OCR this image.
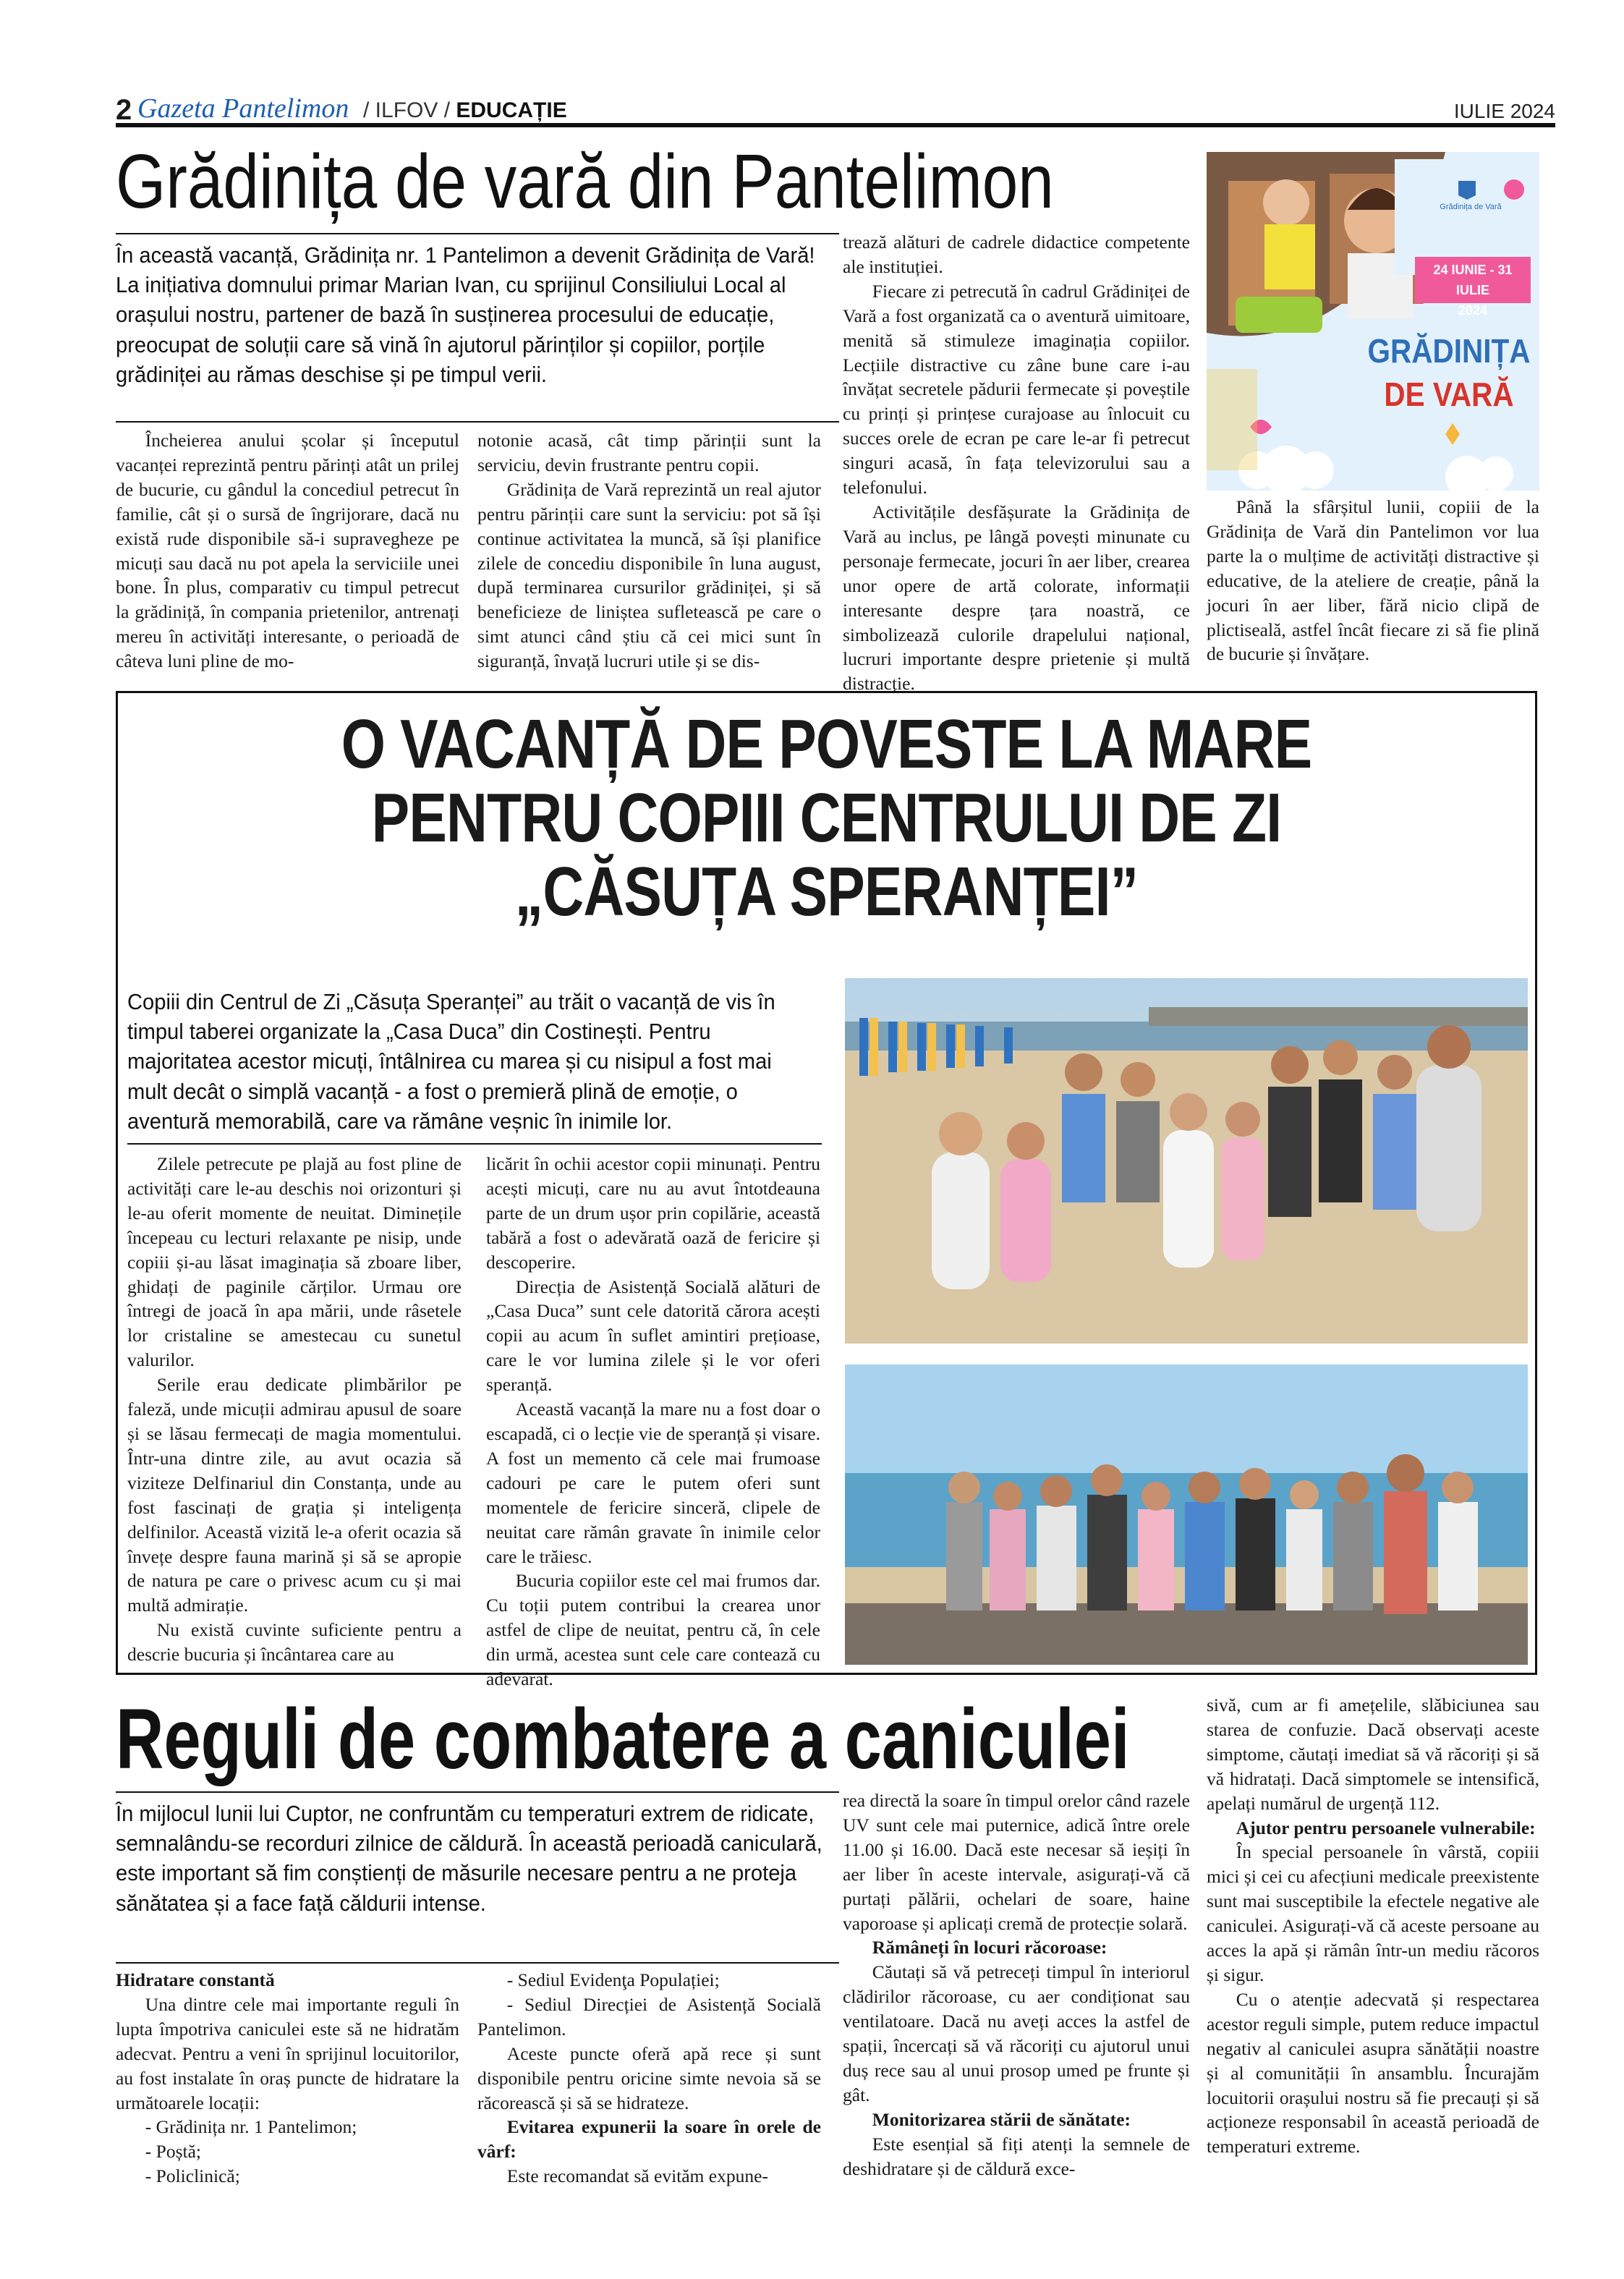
2 Gazeta Pantelimon / ILFOV / EDUCAȚIE	IULIE 2024
Grădinița de vară din Pantelimon
În această vacanță, Grădinița nr. 1 Pantelimon a devenit Grădinița de Vară! La inițiativa domnului primar Marian Ivan, cu sprijinul Consiliului Local al orașului nostru, partener de bază în susținerea procesului de educație, preocupat de soluții care să vină în ajutorul părinților și copiilor, porțile grădiniței au rămas deschise și pe timpul verii.

Încheierea anului școlar și începutul vacanței reprezintă pentru părinți atât un prilej de bucurie, cu gândul la concediul petrecut în familie, cât și o sursă de îngrijorare, dacă nu există rude disponibile să-i supravegheze pe micuți sau dacă nu pot apela la serviciile unei bone. În plus, comparativ cu timpul petrecut la grădiniță, în compania prietenilor, antrenați mereu în activități interesante, o perioadă de câteva luni pline de mo-

notonie acasă, cât timp părinții sunt la serviciu, devin frustrante pentru copii.

Grădinița de Vară reprezintă un real ajutor pentru părinții care sunt la serviciu: pot să își continue activitatea la muncă, să își planifice zilele de concediu disponibile în luna august, după terminarea cursurilor grădiniței, și să beneficieze de liniștea sufletească pe care o simt atunci când știu că cei mici sunt în siguranță, învață lucruri utile și se dis-

trează alături de cadrele didactice competente ale instituției.

Fiecare zi petrecută în cadrul Grădiniței de Vară a fost organizată ca o aventură uimitoare, menită să stimuleze imaginația copiilor. Lecțiile distractive cu zâne bune care i-au învățat secretele pădurii fermecate și poveștile cu prinți și prințese curajoase au înlocuit cu succes orele de ecran pe care le-ar fi petrecut singuri acasă, în fața televizorului sau a telefonului.

Activitățile desfășurate la Grădinița de Vară au inclus, pe lângă povești minunate cu personaje fermecate, jocuri în aer liber, crearea unor opere de artă colorate, informații interesante despre țara noastră, ce simbolizează culorile drapelului național, lucruri importante despre prietenie și multă distracție.

Grădinița de Vară
24 IUNIE - 31 IULIE
2024
GRĂDINIȚA
DE VARĂ

Până la sfârșitul lunii, copiii de la Grădinița de Vară din Pantelimon vor lua parte la o mulțime de activități distractive și educative, de la ateliere de creație, până la jocuri în aer liber, fără nicio clipă de plictiseală, astfel încât fiecare zi să fie plină de bucurie și învățare.

O VACANȚĂ DE POVESTE LA MARE
PENTRU COPIII CENTRULUI DE ZI
„CĂSUȚA SPERANȚEI”
Copiii din Centrul de Zi „Căsuța Speranței” au trăit o vacanță de vis în timpul taberei organizate la „Casa Duca” din Costinești. Pentru majoritatea acestor micuți, întâlnirea cu marea și cu nisipul a fost mai mult decât o simplă vacanță - a fost o premieră plină de emoție, o aventură memorabilă, care va rămâne veșnic în inimile lor.

Zilele petrecute pe plajă au fost pline de activități care le-au deschis noi orizonturi și le-au oferit momente de neuitat. Diminețile începeau cu lecturi relaxante pe nisip, unde copiii și-au lăsat imaginația să zboare liber, ghidați de paginile cărților. Urmau ore întregi de joacă în apa mării, unde râsetele lor cristaline se amestecau cu sunetul valurilor.

Serile erau dedicate plimbărilor pe faleză, unde micuții admirau apusul de soare și se lăsau fermecați de magia momentului. Într-una dintre zile, au avut ocazia să viziteze Delfinariul din Constanța, unde au fost fascinați de grația și inteligența delfinilor. Această vizită le-a oferit ocazia să învețe despre fauna marină și să se apropie de natura pe care o privesc acum cu și mai multă admirație.

Nu există cuvinte suficiente pentru a descrie bucuria și încântarea care au

licărit în ochii acestor copii minunați. Pentru acești micuți, care nu au avut întotdeauna parte de un drum ușor prin copilărie, această tabără a fost o adevărată oază de fericire și descoperire.

Direcția de Asistență Socială alături de „Casa Duca” sunt cele datorită cărora acești copii au acum în suflet amintiri prețioase, care le vor lumina zilele și le vor oferi speranță.

Această vacanță la mare nu a fost doar o escapadă, ci o lecție vie de speranță și visare. A fost un memento că cele mai frumoase cadouri pe care le putem oferi sunt momentele de fericire sinceră, clipele de neuitat care rămân gravate în inimile celor care le trăiesc.

Bucuria copiilor este cel mai frumos dar. Cu toții putem contribui la crearea unor astfel de clipe de neuitat, pentru că, în cele din urmă, acestea sunt cele care contează cu adevărat.

Reguli de combatere a caniculei
În mijlocul lunii lui Cuptor, ne confruntăm cu temperaturi extrem de ridicate, semnalându-se recorduri zilnice de căldură. În această perioadă caniculară, este important să fim conștienți de măsurile necesare pentru a ne proteja sănătatea și a face față căldurii intense.

Hidratare constantă

Una dintre cele mai importante reguli în lupta împotriva caniculei este să ne hidratăm adecvat. Pentru a veni în sprijinul locuitorilor, au fost instalate în oraș puncte de hidratare la următoarele locații:

- Grădinița nr. 1 Pantelimon;

- Poștă;

- Policlinică;

- Sediul Evidenţa Populației;

- Sediul Direcției de Asistență Socială Pantelimon.

Aceste puncte oferă apă rece și sunt disponibile pentru oricine simte nevoia să se răcorească și să se hidrateze.

Evitarea expunerii la soare în orele de vârf:

Este recomandat să evităm expune-

rea directă la soare în timpul orelor când razele UV sunt cele mai puternice, adică între orele 11.00 și 16.00. Dacă este necesar să ieșiți în aer liber în aceste intervale, asigurați-vă că purtați pălării, ochelari de soare, haine vaporoase și aplicați cremă de protecție solară.

Rămâneți în locuri răcoroase:

Căutați să vă petreceți timpul în interiorul clădirilor răcoroase, cu aer condiționat sau ventilatoare. Dacă nu aveți acces la astfel de spații, încercați să vă răcoriți cu ajutorul unui duș rece sau al unui prosop umed pe frunte și gât.

Monitorizarea stării de sănătate:

Este esențial să fiți atenți la semnele de deshidratare și de căldură exce-

sivă, cum ar fi amețelile, slăbiciunea sau starea de confuzie. Dacă observați aceste simptome, căutați imediat să vă răcoriți și să vă hidratați. Dacă simptomele se intensifică, apelați numărul de urgență 112.

Ajutor pentru persoanele vulnerabile:

În special persoanele în vârstă, copiii mici și cei cu afecțiuni medicale preexistente sunt mai susceptibile la efectele negative ale caniculei. Asigurați-vă că aceste persoane au acces la apă și rămân într-un mediu răcoros și sigur.

Cu o atenție adecvată și respectarea acestor reguli simple, putem reduce impactul negativ al caniculei asupra sănătății noastre și al comunității în ansamblu. Încurajăm locuitorii orașului nostru să fie precauți și să acționeze responsabil în această perioadă de temperaturi extreme.
